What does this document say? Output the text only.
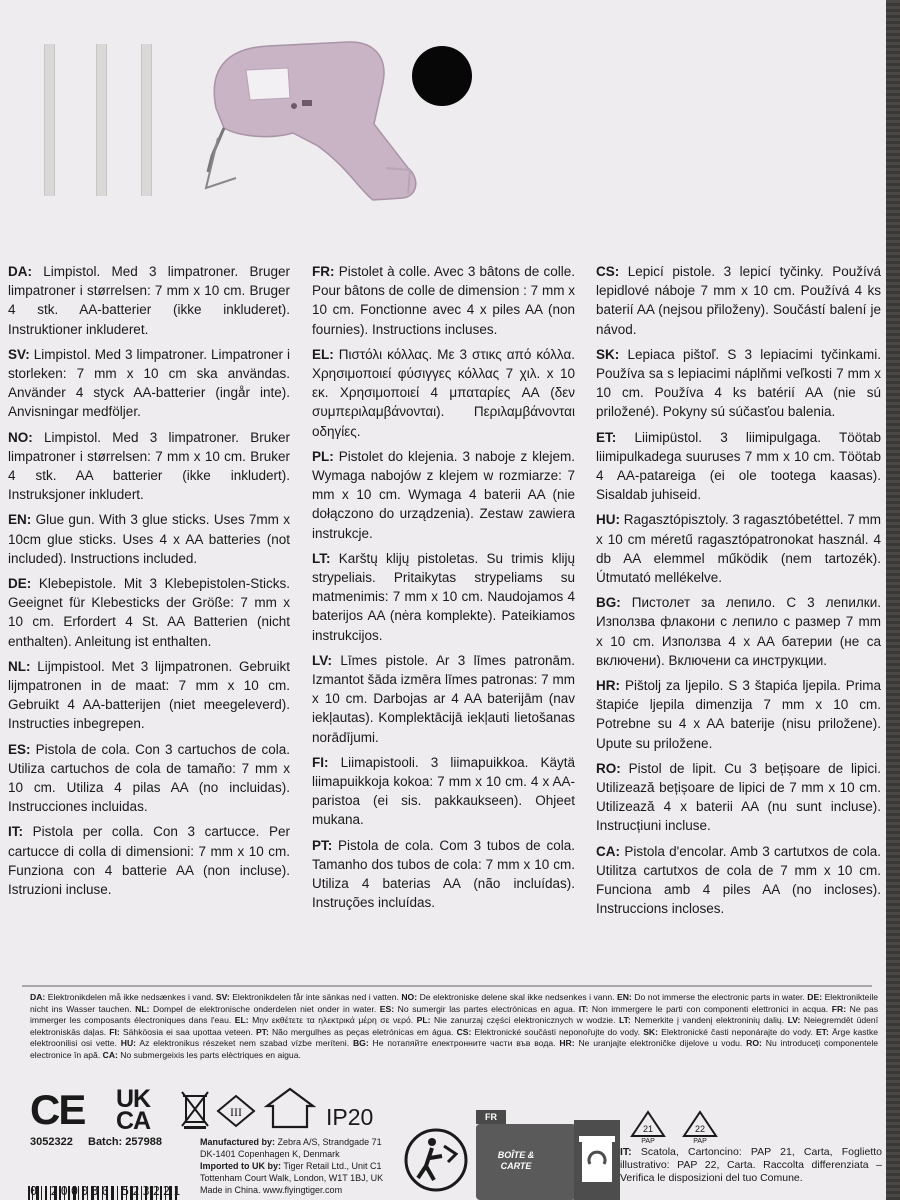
DA: Limpistol. Med 3 limpatroner. Bruger limpatroner i størrelsen: 7 mm x 10 cm. Bruger 4 stk. AA-batterier (ikke inkluderet). Instruktioner inkluderet.

SV: Limpistol. Med 3 limpatroner. Limpatroner i storleken: 7 mm x 10 cm ska användas. Använder 4 styck AA-batterier (ingår inte). Anvisningar medföljer.

NO: Limpistol. Med 3 limpatroner. Bruker limpatroner i størrelsen: 7 mm x 10 cm. Bruker 4 stk. AA batterier (ikke inkludert). Instruksjoner inkludert.

EN: Glue gun. With 3 glue sticks. Uses 7mm x 10cm glue sticks. Uses 4 x AA batteries (not included). Instructions included.

DE: Klebepistole. Mit 3 Klebepistolen-Sticks. Geeignet für Klebesticks der Größe: 7 mm x 10 cm. Erfordert 4 St. AA Batterien (nicht enthalten). Anleitung ist enthalten.

NL: Lijmpistool. Met 3 lijmpatronen. Gebruikt lijmpatronen in de maat: 7 mm x 10 cm. Gebruikt 4 AA-batterijen (niet meegeleverd). Instructies inbegrepen.

ES: Pistola de cola. Con 3 cartuchos de cola. Utiliza cartuchos de cola de tamaño: 7 mm x 10 cm. Utiliza 4 pilas AA (no incluidas). Instrucciones incluidas.

IT: Pistola per colla. Con 3 cartucce. Per cartucce di colla di dimensioni: 7 mm x 10 cm. Funziona con 4 batterie AA (non incluse). Istruzioni incluse.

FR: Pistolet à colle. Avec 3 bâtons de colle. Pour bâtons de colle de dimension : 7 mm x 10 cm. Fonctionne avec 4 x piles AA (non fournies). Instructions incluses.

EL: Πιστόλι κόλλας. Με 3 στικς από κόλλα. Χρησιμοποιεί φύσιγγες κόλλας 7 χιλ. x 10 εκ. Χρησιμοποιεί 4 μπαταρίες AA (δεν συμπεριλαμβάνονται). Περιλαμβάνονται οδηγίες.

PL: Pistolet do klejenia. 3 naboje z klejem. Wymaga nabojów z klejem w rozmiarze: 7 mm x 10 cm. Wymaga 4 baterii AA (nie dołączono do urządzenia). Zestaw zawiera instrukcje.

LT: Karštų klijų pistoletas. Su trimis klijų strypeliais. Pritaikytas strypeliams su matmenimis: 7 mm x 10 cm. Naudojamos 4 baterijos AA (nėra komplekte). Pateikiamos instrukcijos.

LV: Līmes pistole. Ar 3 līmes patronām. Izmantot šāda izmēra līmes patronas: 7 mm x 10 cm. Darbojas ar 4 AA baterijām (nav iekļautas). Komplektācijā iekļauti lietošanas norādījumi.

FI: Liimapistooli. 3 liimapuikkoa. Käytä liimapuikkoja kokoa: 7 mm x 10 cm. 4 x AA-paristoa (ei sis. pakkaukseen). Ohjeet mukana.

PT: Pistola de cola. Com 3 tubos de cola. Tamanho dos tubos de cola: 7 mm x 10 cm. Utiliza 4 baterias AA (não incluídas). Instruções incluídas.

CS: Lepicí pistole. 3 lepicí tyčinky. Používá lepidlové náboje 7 mm x 10 cm. Používá 4 ks baterií AA (nejsou přiloženy). Součástí balení je návod.

SK: Lepiaca pištoľ. S 3 lepiacimi tyčinkami. Používa sa s lepiacimi náplňmi veľkosti 7 mm x 10 cm. Používa 4 ks batérií AA (nie sú priložené). Pokyny sú súčasťou balenia.

ET: Liimipüstol. 3 liimipulgaga. Töötab liimipulkadega suuruses 7 mm x 10 cm. Töötab 4 AA-patareiga (ei ole tootega kaasas). Sisaldab juhiseid.

HU: Ragasztópisztoly. 3 ragasztóbetéttel. 7 mm x 10 cm méretű ragasztópatronokat használ. 4 db AA elemmel működik (nem tartozék). Útmutató mellékelve.

BG: Пистолет за лепило. С 3 лепилки. Използва флакони с лепило с размер 7 mm x 10 cm. Използва 4 x AA батерии (не са включени). Включени са инструкции.

HR: Pištolj za ljepilo. S 3 štapića ljepila. Prima štapiće ljepila dimenzija 7 mm x 10 cm. Potrebne su 4 x AA baterije (nisu priložene). Upute su priložene.

RO: Pistol de lipit. Cu 3 bețișoare de lipici. Utilizează bețișoare de lipici de 7 mm x 10 cm. Utilizează 4 x baterii AA (nu sunt incluse). Instrucțiuni incluse.

CA: Pistola d'encolar. Amb 3 cartutxos de cola. Utilitza cartutxos de cola de 7 mm x 10 cm. Funciona amb 4 piles AA (no incloses). Instruccions incloses.

DA: Elektronikdelen må ikke nedsænkes i vand. SV: Elektronikdelen får inte sänkas ned i vatten. NO: De elektroniske delene skal ikke nedsenkes i vann. EN: Do not immerse the electronic parts in water. DE: Elektronikteile nicht ins Wasser tauchen. NL: Dompel de elektronische onderdelen niet onder in water. ES: No sumergir las partes electrónicas en agua. IT: Non immergere le parti con componenti elettronici in acqua. FR: Ne pas immerger les composants électroniques dans l'eau. EL: Μην εκθέτετε τα ηλεκτρικά μέρη σε νερό. PL: Nie zanurzaj części elektronicznych w wodzie. LT: Nemerkite į vandenį elektroninių dalių. LV: Neiegremdēt ūdenī elektroniskās daļas. FI: Sähköosia ei saa upottaa veteen. PT: Não mergulhes as peças eletrónicas em água. CS: Elektronické součásti neponořujte do vody. SK: Elektronické časti neponárajte do vody. ET: Ärge kastke elektroonilisi osi vette. HU: Az elektronikus részeket nem szabad vízbe meríteni. BG: Не потапяйте електронните части във вода. HR: Ne uranjajte elektroničke dijelove u vodu. RO: Nu introduceți componentele electronice în apă. CA: No submergeixis les parts elèctriques en aigua.
CE UK
CA	III	IP20
3052322 Batch: 257988	Manufactured by: Zebra A/S, Strandgade 71 DK-1401 Copenhagen K, Denmark
Imported to UK by: Tiger Retail Ltd., Unit C1 Tottenham Court Walk, London, W1T 1BJ, UK
Made in China. www.flyingtiger.com
0 200030 523221
FR
BOÎTE & CARTE
21
PAP
22
PAP
IT: Scatola, Cartoncino: PAP 21, Carta, Foglietto illustrativo: PAP 22, Carta. Raccolta differenziata – Verifica le disposizioni del tuo Comune.
